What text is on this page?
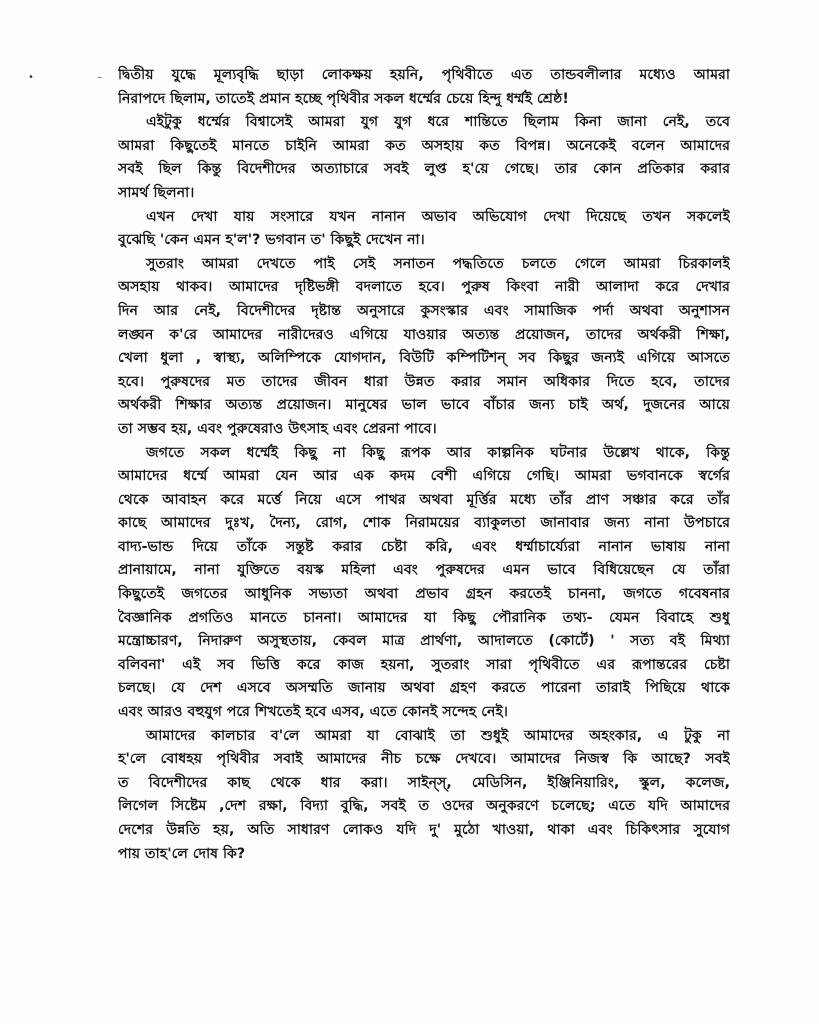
• –
দ্বিতীয় যুদ্ধে মূল্যবৃদ্ধি ছাড়া লোকক্ষয় হয়নি, পৃথিবীতে এত তান্ডবলীলার মধ্যেও আমরা
নিরাপদে ছিলাম, তাতেই প্রমান হচ্ছে পৃথিবীর সকল ধর্ম্মের চেয়ে হিন্দু ধর্ম্মই শ্রেষ্ঠ!
এইটুকু ধর্ম্মের বিশ্বাসেই আমরা যুগ যুগ ধরে শান্তিতে ছিলাম কিনা জানা নেই, তবে
আমরা কিছুতেই মানতে চাইনি আমরা কত অসহায় কত বিপন্ন। অনেকেই বলেন আমাদের
সবই ছিল কিন্তু বিদেশীদের অত্যাচারে সবই লুপ্ত হ'য়ে গেছে। তার কোন প্রতিকার করার
সামর্থ ছিলনা।
এখন দেখা যায় সংসারে যখন নানান অভাব অভিযোগ দেখা দিয়েছে তখন সকলেই
বুঝেছি 'কেন এমন হ'ল'? ভগবান ত' কিছুই দেখেন না।
সুতরাং আমরা দেখতে পাই সেই সনাতন পদ্ধতিতে চলতে গেলে আমরা চিরকালই
অসহায় থাকব। আমাদের দৃষ্টিভঙ্গী বদলাতে হবে। পুরুষ কিংবা নারী আলাদা করে দেখার
দিন আর নেই, বিদেশীদের দৃষ্টান্ত অনুসারে কুসংস্কার এবং সামাজিক পর্দা অথবা অনুশাসন
লঙ্ঘন ক'রে আমাদের নারীদেরও এগিয়ে যাওয়ার অত্যন্ত প্রয়োজন, তাদের অর্থকরী শিক্ষা,
খেলা ধুলা , স্বাস্থ্য, অলিম্পিকে যোগদান, বিউটি কম্পিটিশন্ সব কিছুর জন্যই এগিয়ে আসতে
হবে। পুরুষদের মত তাদের জীবন ধারা উন্নত করার সমান অধিকার দিতে হবে, তাদের
অর্থকরী শিক্ষার অত্যন্ত প্রয়োজন। মানুষের ভাল ভাবে বাঁচার জন্য চাই অর্থ, দুজনের আয়ে
তা সম্ভব হয়, এবং পুরুষেরাও উৎসাহ এবং প্রেরনা পাবে।
জগতে সকল ধর্ম্মেই কিছু না কিছু রূপক আর কাল্পনিক ঘটনার উল্লেখ থাকে, কিন্তু
আমাদের ধর্ম্মে আমরা যেন আর এক কদম বেশী এগিয়ে গেছি। আমরা ভগবানকে স্বর্গের
থেকে আবাহন করে মর্ত্তে নিয়ে এসে পাথর অথবা মূর্ত্তির মধ্যে তাঁর প্রাণ সঞ্চার করে তাঁর
কাছে আমাদের দুঃখ, দৈন্য, রোগ, শোক নিরাময়ের ব্যাকুলতা জানাবার জন্য নানা উপচারে
বাদ্য-ভান্ড দিয়ে তাঁকে সন্তুষ্ট করার চেষ্টা করি, এবং ধর্ম্মাচার্য্যেরা নানান ভাষায় নানা
প্রানায়ামে, নানা যুক্তিতে বয়স্ক মহিলা এবং পুরুষদের এমন ভাবে বিধিয়েছেন যে তাঁরা
কিছুতেই জগতের আধুনিক সভ্যতা অথবা প্রভাব গ্রহন করতেই চাননা, জগতে গবেষনার
বৈজ্ঞানিক প্রগতিও মানতে চাননা। আমাদের যা কিছু পৌরানিক তথ্য- যেমন বিবাহে শুধু
মন্ত্রোচ্চারণ, নিদারুণ অসুস্থতায়, কেবল মাত্র প্রার্থণা, আদালতে (কোর্টে) ' সত্য বই মিথ্যা
বলিবনা' এই সব ভিত্তি করে কাজ হয়না, সুতরাং সারা পৃথিবীতে এর রূপান্তরের চেষ্টা
চলছে। যে দেশ এসবে অসম্মতি জানায় অথবা গ্রহণ করতে পারেনা তারাই পিছিয়ে থাকে
এবং আরও বহুযুগ পরে শিখতেই হবে এসব, এতে কোনই সন্দেহ নেই।
আমাদের কালচার ব'লে আমরা যা বোঝাই তা শুধুই আমাদের অহংকার, এ টুকু না
হ'লে বোধহয় পৃথিবীর সবাই আমাদের নীচ চক্ষে দেখবে। আমাদের নিজস্ব কি আছে? সবই
ত বিদেশীদের কাছ থেকে ধার করা। সাইন্স্, মেডিসিন, ইঞ্জিনিয়ারিং, স্কুল, কলেজ,
লিগেল সিষ্টেম ,দেশ রক্ষা, বিদ্যা বুদ্ধি, সবই ত ওদের অনুকরণে চলেছে; এতে যদি আমাদের
দেশের উন্নতি হয়, অতি সাধারণ লোকও যদি দু' মুঠো খাওয়া, থাকা এবং চিকিৎসার সুযোগ
পায় তাহ'লে দোষ কি?
